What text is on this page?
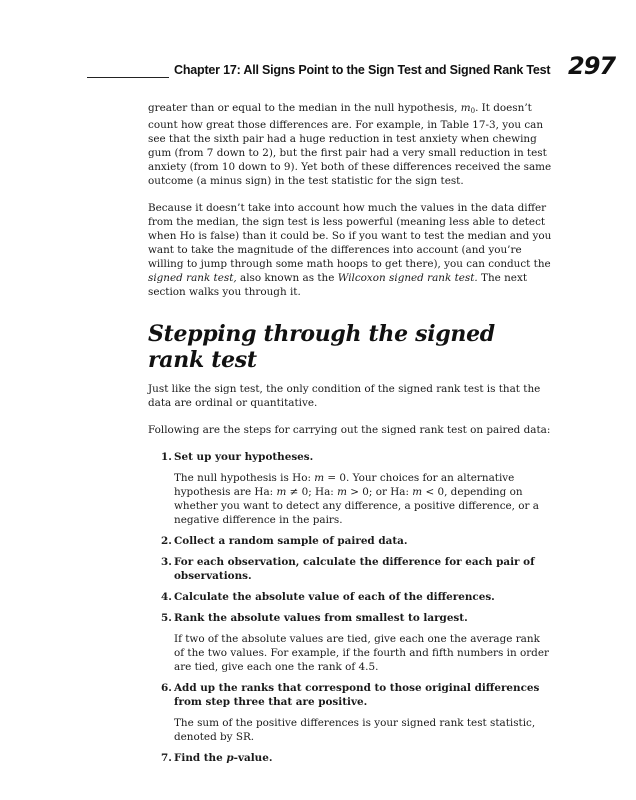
Chapter 17: All Signs Point to the Sign Test and Signed Rank Test 297

greater than or equal to the median in the null hypothesis, $m_0$. It doesn’t count how great those differences are. For example, in Table 17-3, you can see that the sixth pair had a huge reduction in test anxiety when chewing gum (from 7 down to 2), but the first pair had a very small reduction in test anxiety (from 10 down to 9). Yet both of these differences received the same outcome (a minus sign) in the test statistic for the sign test.

Because it doesn’t take into account how much the values in the data differ from the median, the sign test is less powerful (meaning less able to detect when Ho is false) than it could be. So if you want to test the median and you want to take the magnitude of the differences into account (and you’re willing to jump through some math hoops to get there), you can conduct the signed rank test, also known as the Wilcoxon signed rank test. The next section walks you through it.

Stepping through the signed rank test

Just like the sign test, the only condition of the signed rank test is that the data are ordinal or quantitative.

Following are the steps for carrying out the signed rank test on paired data:

1. Set up your hypotheses.

The null hypothesis is Ho: m = 0. Your choices for an alternative hypothesis are Ha: m ≠ 0; Ha: m > 0; or Ha: m < 0, depending on whether you want to detect any difference, a positive difference, or a negative difference in the pairs.

2. Collect a random sample of paired data.

3. For each observation, calculate the difference for each pair of observations.

4. Calculate the absolute value of each of the differences.

5. Rank the absolute values from smallest to largest.

If two of the absolute values are tied, give each one the average rank of the two values. For example, if the fourth and fifth numbers in order are tied, give each one the rank of 4.5.

6. Add up the ranks that correspond to those original differences from step three that are positive.

The sum of the positive differences is your signed rank test statistic, denoted by SR.

7. Find the p-value.
